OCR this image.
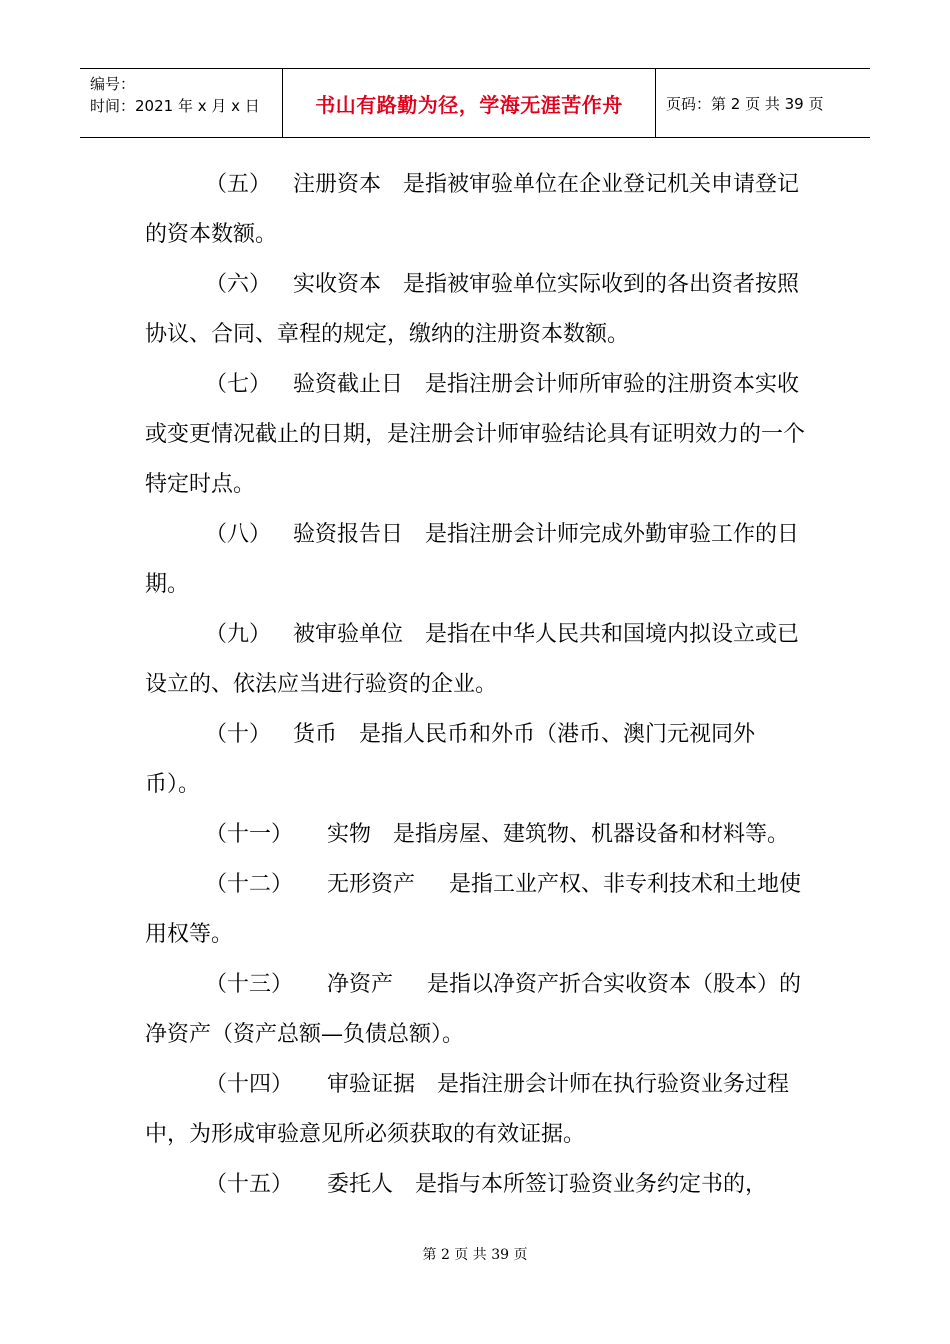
编号：
时间：2021 年 x 月 x 日	书山有路勤为径，学海无涯苦作舟	页码：第 2 页 共 39 页

（五） 注册资本 是指被审验单位在企业登记机关申请登记的资本数额。

（六） 实收资本 是指被审验单位实际收到的各出资者按照协议、合同、章程的规定，缴纳的注册资本数额。

（七） 验资截止日 是指注册会计师所审验的注册资本实收或变更情况截止的日期，是注册会计师审验结论具有证明效力的一个特定时点。

（八） 验资报告日 是指注册会计师完成外勤审验工作的日期。

（九） 被审验单位 是指在中华人民共和国境内拟设立或已设立的、依法应当进行验资的企业。

（十） 货币 是指人民币和外币（港币、澳门元视同外币）。

（十一） 实物 是指房屋、建筑物、机器设备和材料等。

（十二） 无形资产 是指工业产权、非专利技术和土地使用权等。

（十三） 净资产 是指以净资产折合实收资本（股本）的净资产（资产总额—负债总额）。

（十四） 审验证据 是指注册会计师在执行验资业务过程中，为形成审验意见所必须获取的有效证据。

（十五） 委托人 是指与本所签订验资业务约定书的，

第 2 页 共 39 页
